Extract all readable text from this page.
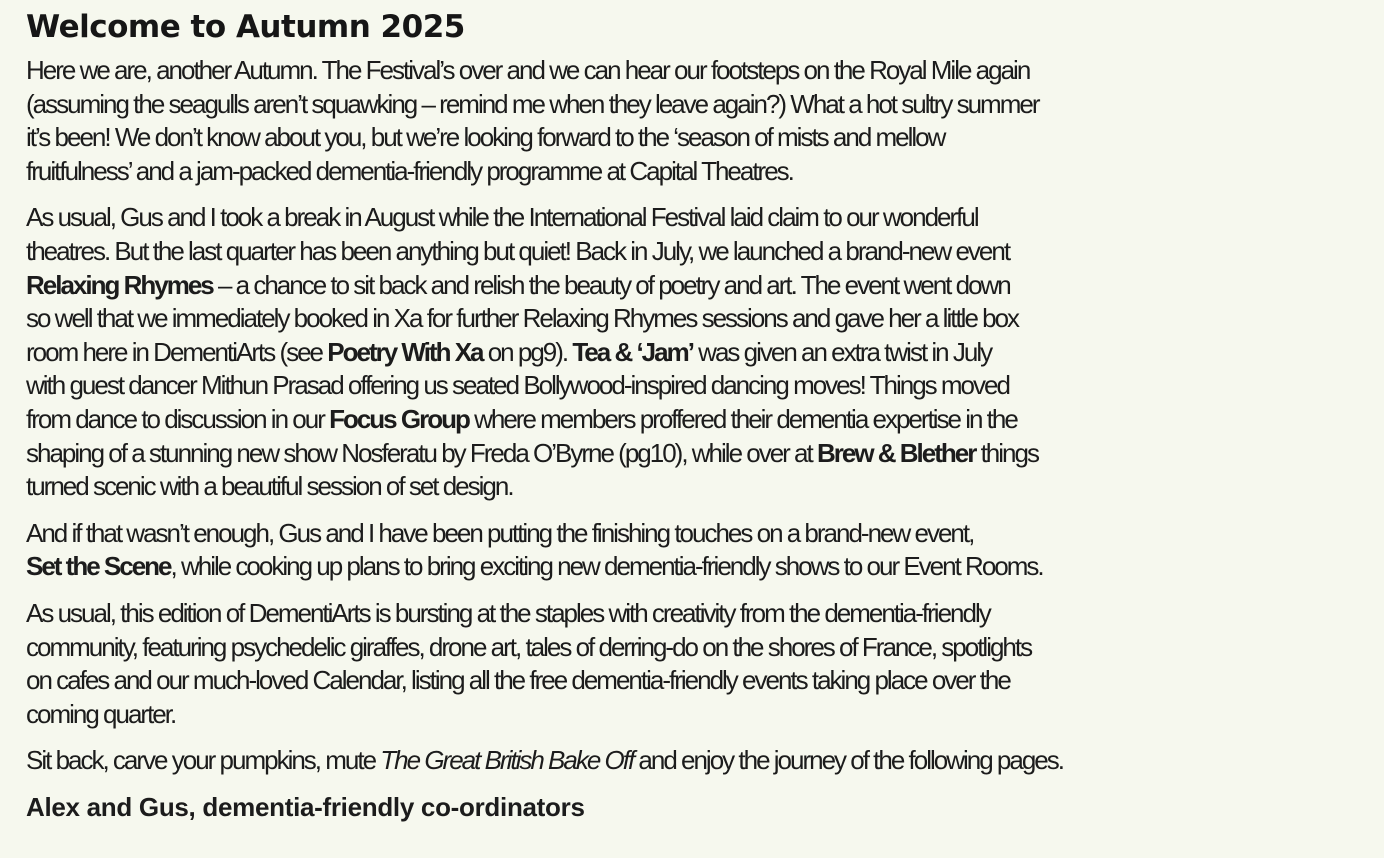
Welcome to Autumn 2025

Here we are, another Autumn. The Festival’s over and we can hear our footsteps on the Royal Mile again
(assuming the seagulls aren’t squawking – remind me when they leave again?) What a hot sultry summer
it’s been! We don’t know about you, but we’re looking forward to the ‘season of mists and mellow
fruitfulness’ and a jam-packed dementia-friendly programme at Capital Theatres.

As usual, Gus and I took a break in August while the International Festival laid claim to our wonderful
theatres. But the last quarter has been anything but quiet! Back in July, we launched a brand-new event
Relaxing Rhymes – a chance to sit back and relish the beauty of poetry and art. The event went down
so well that we immediately booked in Xa for further Relaxing Rhymes sessions and gave her a little box
room here in DementiArts (see Poetry With Xa on pg9). Tea & ‘Jam’ was given an extra twist in July
with guest dancer Mithun Prasad offering us seated Bollywood-inspired dancing moves! Things moved
from dance to discussion in our Focus Group where members proffered their dementia expertise in the
shaping of a stunning new show Nosferatu by Freda O’Byrne (pg10), while over at Brew & Blether things
turned scenic with a beautiful session of set design.

And if that wasn’t enough, Gus and I have been putting the finishing touches on a brand-new event,
Set the Scene, while cooking up plans to bring exciting new dementia-friendly shows to our Event Rooms.

As usual, this edition of DementiArts is bursting at the staples with creativity from the dementia-friendly
community, featuring psychedelic giraffes, drone art, tales of derring-do on the shores of France, spotlights
on cafes and our much-loved Calendar, listing all the free dementia-friendly events taking place over the
coming quarter.

Sit back, carve your pumpkins, mute The Great British Bake Off and enjoy the journey of the following pages.

Alex and Gus, dementia-friendly co-ordinators
